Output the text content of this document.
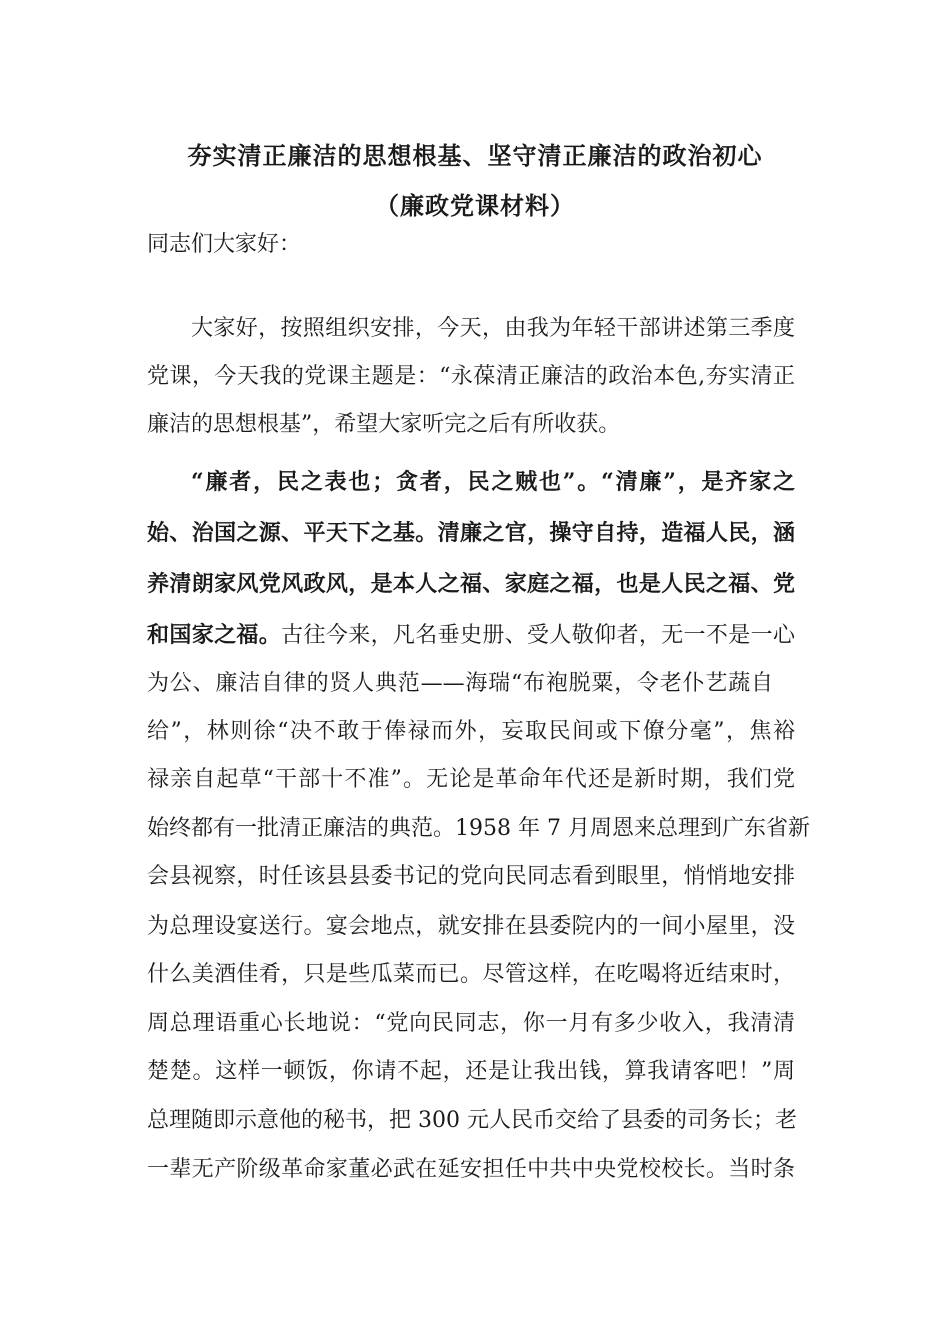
夯实清正廉洁的思想根基、坚守清正廉洁的政治初心
（廉政党课材料）

同志们大家好：

大家好，按照组织安排，今天，由我为年轻干部讲述第三季度

党课，今天我的党课主题是：“永葆清正廉洁的政治本色,夯实清正

廉洁的思想根基”，希望大家听完之后有所收获。

“廉者，民之表也；贪者，民之贼也”。“清廉”，是齐家之

始、治国之源、平天下之基。清廉之官，操守自持，造福人民，涵

养清朗家风党风政风，是本人之福、家庭之福，也是人民之福、党

和国家之福。古往今来，凡名垂史册、受人敬仰者，无一不是一心

为公、廉洁自律的贤人典范——海瑞“布袍脱粟，令老仆艺蔬自

给”，林则徐“决不敢于俸禄而外，妄取民间或下僚分毫”，焦裕

禄亲自起草“干部十不准”。无论是革命年代还是新时期，我们党

始终都有一批清正廉洁的典范。1958 年 7 月周恩来总理到广东省新

会县视察，时任该县县委书记的党向民同志看到眼里，悄悄地安排

为总理设宴送行。宴会地点，就安排在县委院内的一间小屋里，没

什么美酒佳肴，只是些瓜菜而已。尽管这样，在吃喝将近结束时，

周总理语重心长地说：“党向民同志，你一月有多少收入，我清清

楚楚。这样一顿饭，你请不起，还是让我出钱，算我请客吧！”周

总理随即示意他的秘书，把 300 元人民币交给了县委的司务长；老

一辈无产阶级革命家董必武在延安担任中共中央党校校长。当时条
